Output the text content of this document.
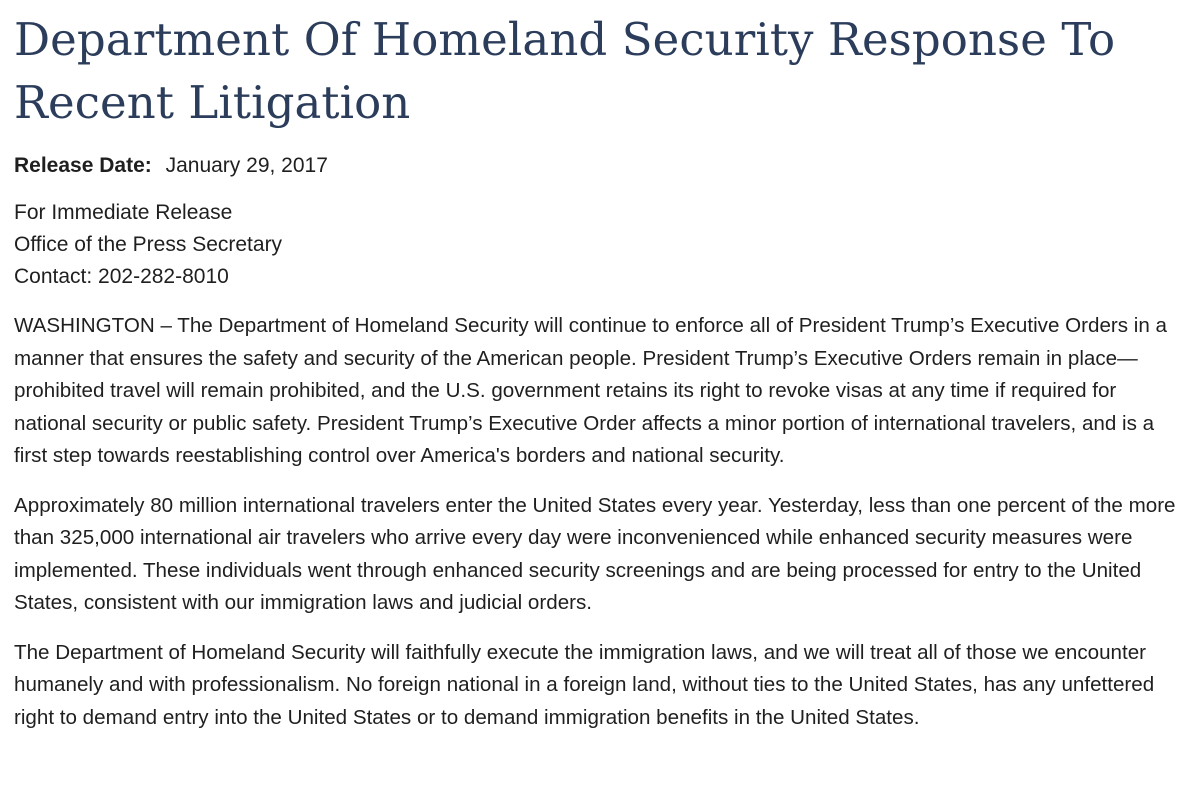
Department Of Homeland Security Response To Recent Litigation
Release Date: January 29, 2017
For Immediate Release
Office of the Press Secretary
Contact: 202-282-8010

WASHINGTON – The Department of Homeland Security will continue to enforce all of President Trump’s Executive Orders in a manner that ensures the safety and security of the American people. President Trump’s Executive Orders remain in place—prohibited travel will remain prohibited, and the U.S. government retains its right to revoke visas at any time if required for national security or public safety. President Trump’s Executive Order affects a minor portion of international travelers, and is a first step towards reestablishing control over America's borders and national security.

Approximately 80 million international travelers enter the United States every year. Yesterday, less than one percent of the more than 325,000 international air travelers who arrive every day were inconvenienced while enhanced security measures were implemented. These individuals went through enhanced security screenings and are being processed for entry to the United States, consistent with our immigration laws and judicial orders.

The Department of Homeland Security will faithfully execute the immigration laws, and we will treat all of those we encounter humanely and with professionalism. No foreign national in a foreign land, without ties to the United States, has any unfettered right to demand entry into the United States or to demand immigration benefits in the United States.
